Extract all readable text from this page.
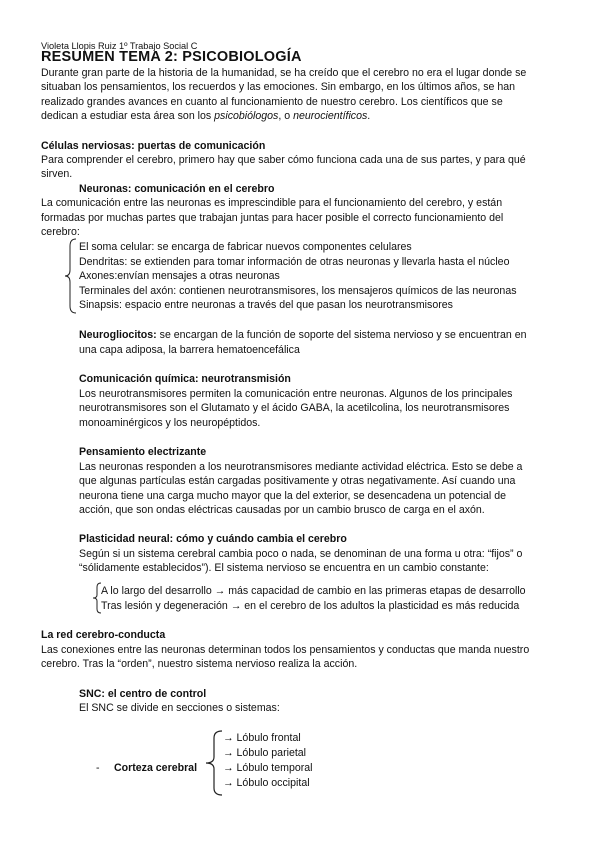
Violeta Llopis Ruiz 1º Trabajo Social C
RESUMEN TEMA 2: PSICOBIOLOGÍA
Durante gran parte de la historia de la humanidad, se ha creído que el cerebro no era el lugar donde se
situaban los pensamientos, los recuerdos y las emociones. Sin embargo, en los últimos años, se han
realizado grandes avances en cuanto al funcionamiento de nuestro cerebro. Los científicos que se
dedican a estudiar esta área son los psicobiólogos, o neurocientíficos.
Células nerviosas: puertas de comunicación
Para comprender el cerebro, primero hay que saber cómo funciona cada una de sus partes, y para qué
sirven.
Neuronas: comunicación en el cerebro
La comunicación entre las neuronas es imprescindible para el funcionamiento del cerebro, y están
formadas por muchas partes que trabajan juntas para hacer posible el correcto funcionamiento del
cerebro:
El soma celular: se encarga de fabricar nuevos componentes celulares
Dendritas: se extienden para tomar información de otras neuronas y llevarla hasta el núcleo
Axones:envían mensajes a otras neuronas
Terminales del axón: contienen neurotransmisores, los mensajeros químicos de las neuronas
Sinapsis: espacio entre neuronas a través del que pasan los neurotransmisores
Neurogliocitos: se encargan de la función de soporte del sistema nervioso y se encuentran en
una capa adiposa, la barrera hematoencefálica
Comunicación química: neurotransmisión
Los neurotransmisores permiten la comunicación entre neuronas. Algunos de los principales
neurotransmisores son el Glutamato y el ácido GABA, la acetilcolina, los neurotransmisores
monoaminérgicos y los neuropéptidos.
Pensamiento electrizante
Las neuronas responden a los neurotransmisores mediante actividad eléctrica. Esto se debe a
que algunas partículas están cargadas positivamente y otras negativamente. Así cuando una
neurona tiene una carga mucho mayor que la del exterior, se desencadena un potencial de
acción, que son ondas eléctricas causadas por un cambio brusco de carga en el axón.
Plasticidad neural: cómo y cuándo cambia el cerebro
Según si un sistema cerebral cambia poco o nada, se denominan de una forma u otra: “fijos” o
“sólidamente establecidos”). El sistema nervioso se encuentra en un cambio constante:
A lo largo del desarrollo → más capacidad de cambio en las primeras etapas de desarrollo
Tras lesión y degeneración → en el cerebro de los adultos la plasticidad es más reducida
La red cerebro-conducta
Las conexiones entre las neuronas determinan todos los pensamientos y conductas que manda nuestro
cerebro. Tras la “orden”, nuestro sistema nervioso realiza la acción.
SNC: el centro de control
El SNC se divide en secciones o sistemas:
- Corteza cerebral
→ Lóbulo frontal
→ Lóbulo parietal
→ Lóbulo temporal
→ Lóbulo occipital
